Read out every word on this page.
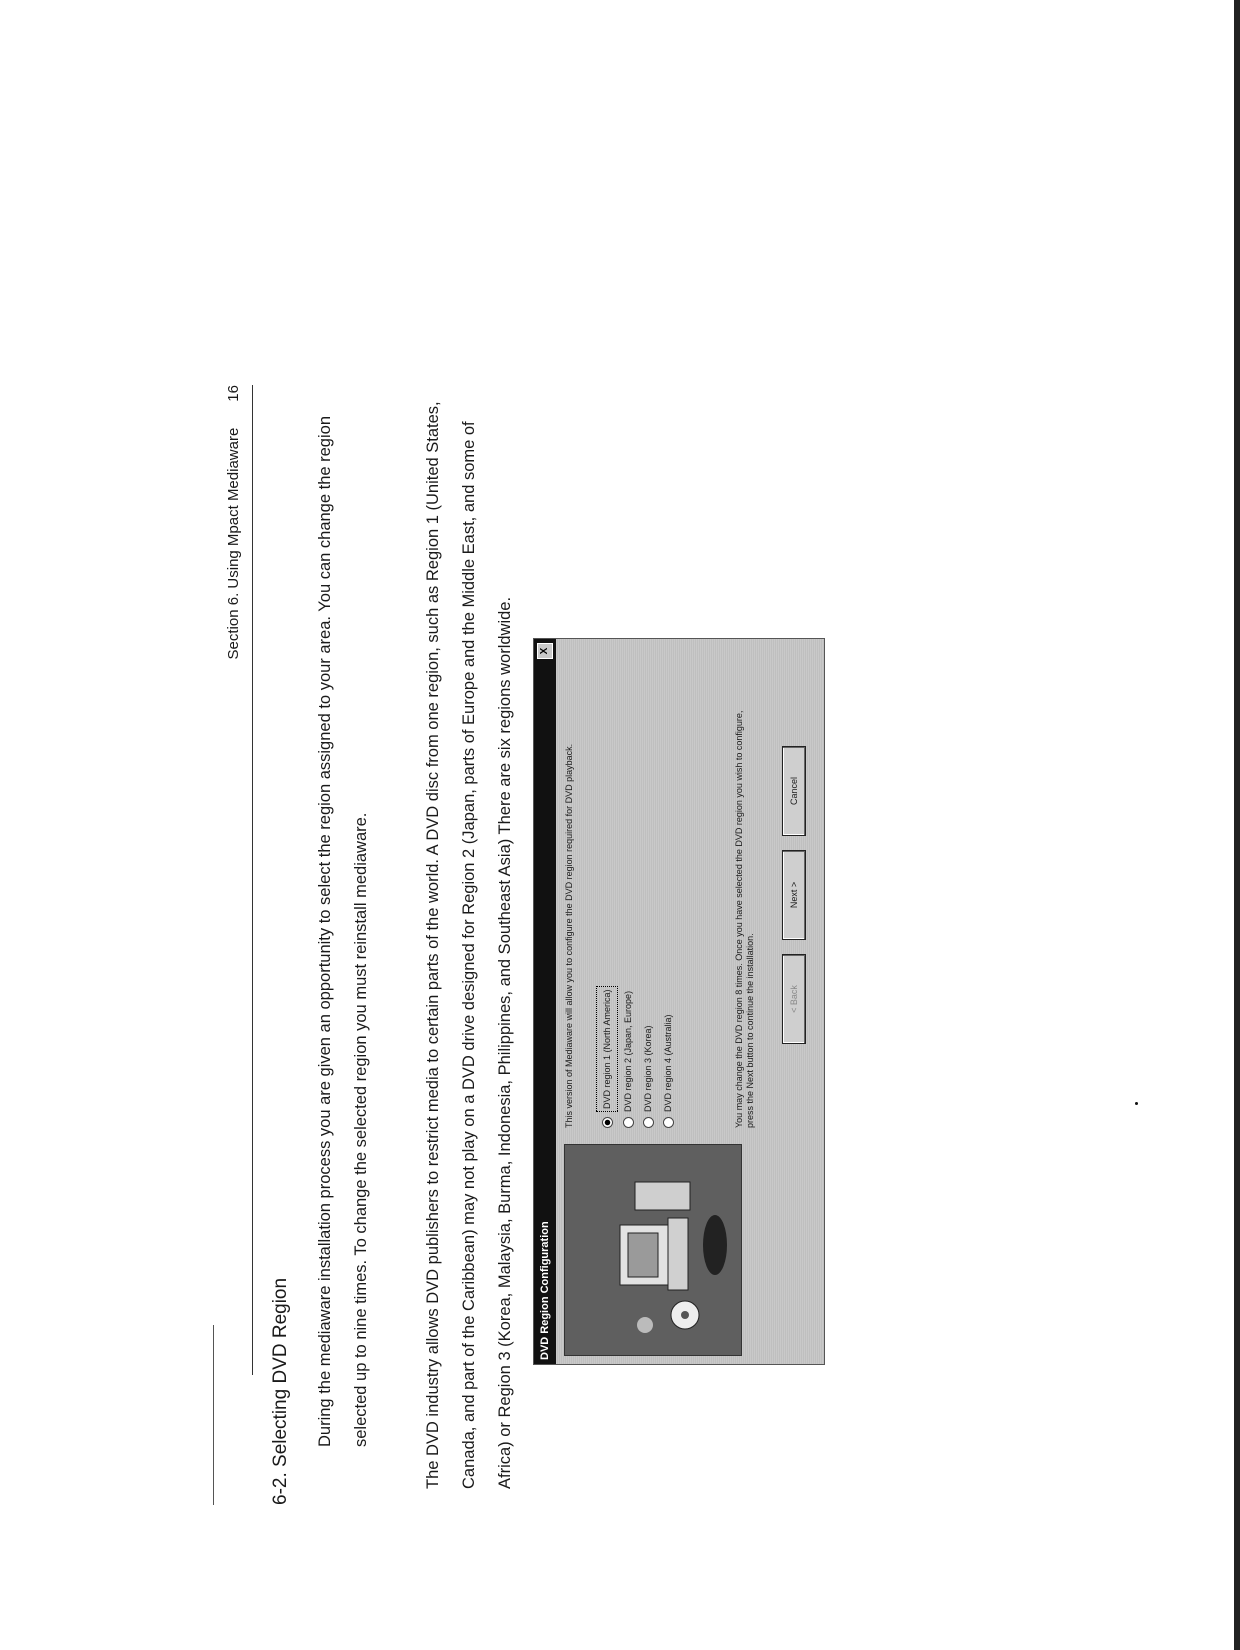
Section 6. Using Mpact Mediaware
16
6-2. Selecting DVD Region	During the mediaware installation process you are given an opportunity to select the region assigned to your area. You can change the region selected up to nine times. To change the selected region you must reinstall mediaware.	The DVD industry allows DVD publishers to restrict media to certain parts of the world. A DVD disc from one region, such as Region 1 (United States, Canada, and part of the Caribbean) may not play on a DVD drive designed for Region 2 (Japan, parts of Europe and the Middle East, and some of Africa) or Region 3 (Korea, Malaysia, Burma, Indonesia, Philippines, and Southeast Asia) There are six regions worldwide.	DVD Region Configuration
X
This version of Mediaware will allow you to configure the DVD region required for DVD playback.	DVD region 1 (North America)	DVD region 2 (Japan, Europe)	DVD region 3 (Korea)	DVD region 4 (Australia)	You may change the DVD region 8 times. Once you have selected the DVD region you wish to configure, press the Next button to continue the installation.	< Back
Next >
Cancel
